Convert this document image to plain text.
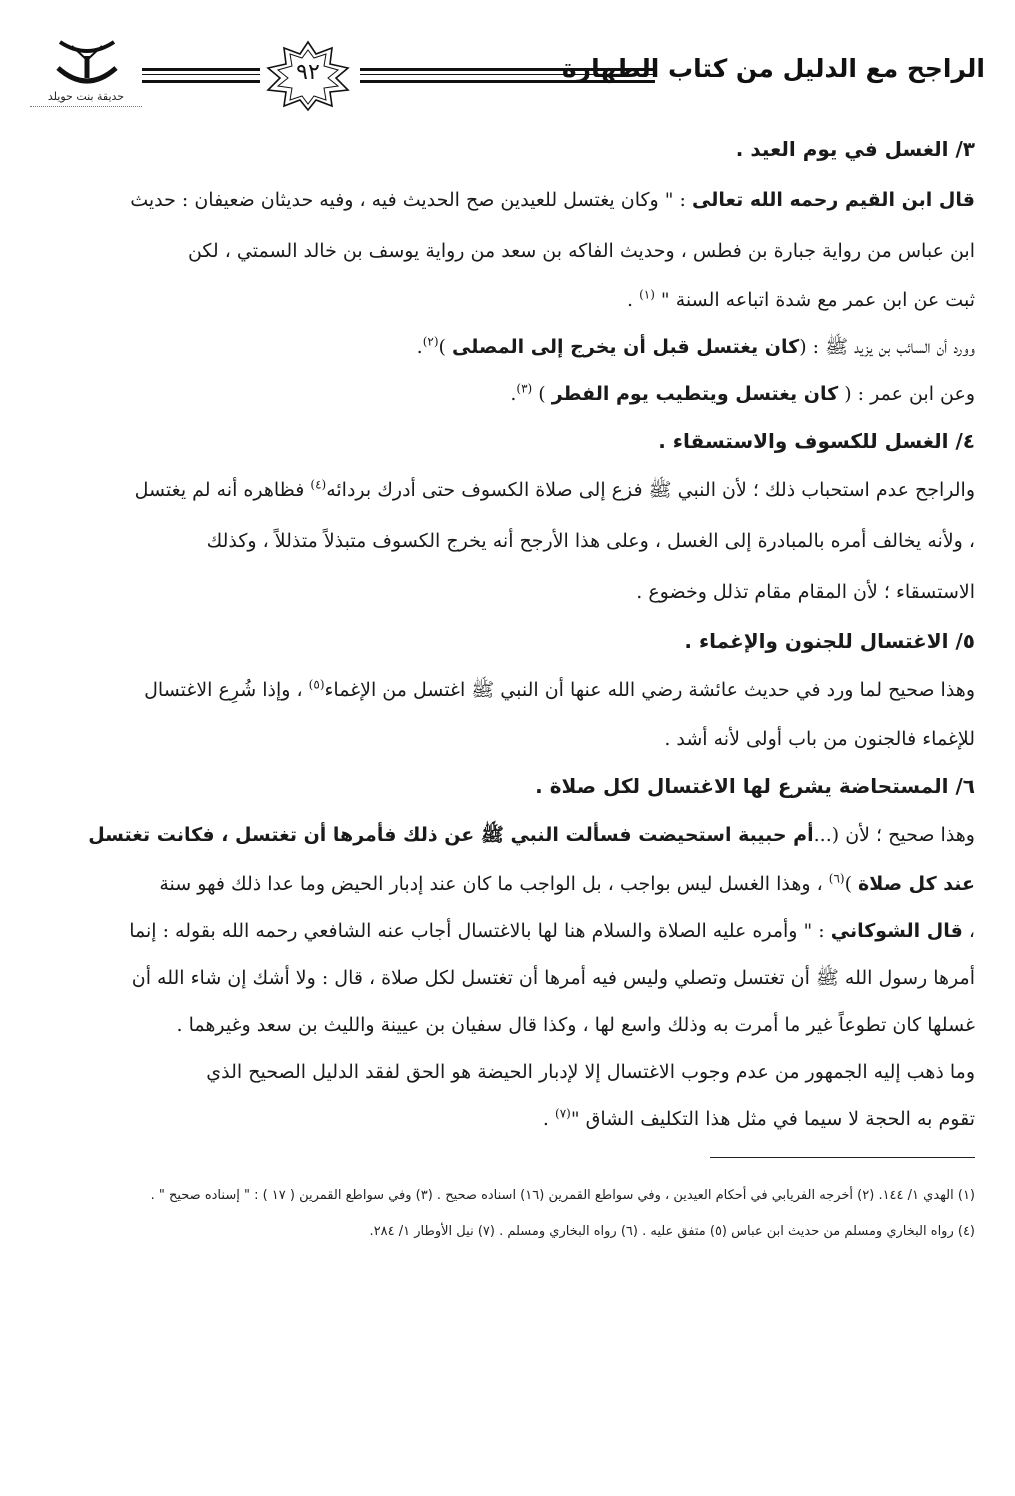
حديقة بنت حويلد
٩٢	الراجح مع الدليل من كتاب الطهارة
٣/ الغسل في يوم العيد .
قال ابن القيم رحمه الله تعالى : " وكان يغتسل للعيدين صح الحديث فيه ، وفيه حديثان ضعيفان : حديث
ابن عباس من رواية جبارة بن فطس ، وحديث الفاكه بن سعد من رواية يوسف بن خالد السمتي ، لكن
ثبت عن ابن عمر مع شدة اتباعه السنة " $^{(١)}$ .
وورد أن السائب بن يزيد ﷺ : (كان يغتسل قبل أن يخرج إلى المصلى )$^{(٢)}$.
وعن ابن عمر : ( كان يغتسل ويتطيب يوم الفطر ) $^{(٣)}$.
٤/ الغسل للكسوف والاستسقاء .
والراجح عدم استحباب ذلك ؛ لأن النبي ﷺ فزع إلى صلاة الكسوف حتى أدرك بردائه$^{(٤)}$ فظاهره أنه لم يغتسل
، ولأنه يخالف أمره بالمبادرة إلى الغسل ، وعلى هذا الأرجح أنه يخرج الكسوف متبذلاً متذللاً ، وكذلك
الاستسقاء ؛ لأن المقام مقام تذلل وخضوع .
٥/ الاغتسال للجنون والإغماء .
وهذا صحيح لما ورد في حديث عائشة رضي الله عنها أن النبي ﷺ اغتسل من الإغماء$^{(٥)}$ ، وإذا شُرِع الاغتسال
للإغماء فالجنون من باب أولى لأنه أشد .
٦/ المستحاضة يشرع لها الاغتسال لكل صلاة .
وهذا صحيح ؛ لأن (...أم حبيبة استحيضت فسألت النبي ﷺ عن ذلك فأمرها أن تغتسل ، فكانت تغتسل
عند كل صلاة )$^{(٦)}$ ، وهذا الغسل ليس بواجب ، بل الواجب ما كان عند إدبار الحيض وما عدا ذلك فهو سنة
، قال الشوكاني : " وأمره عليه الصلاة والسلام هنا لها بالاغتسال أجاب عنه الشافعي رحمه الله بقوله : إنما
أمرها رسول الله ﷺ أن تغتسل وتصلي وليس فيه أمرها أن تغتسل لكل صلاة ، قال : ولا أشك إن شاء الله أن
غسلها كان تطوعاً غير ما أمرت به وذلك واسع لها ، وكذا قال سفيان بن عيينة والليث بن سعد وغيرهما .
وما ذهب إليه الجمهور من عدم وجوب الاغتسال إلا لإدبار الحيضة هو الحق لفقد الدليل الصحيح الذي
تقوم به الحجة لا سيما في مثل هذا التكليف الشاق "$^{(٧)}$ .
(١) الهدي ١/ ١٤٤. (٢) أخرجه الفريابي في أحكام العيدين ، وفي سواطع القمرين (١٦) اسناده صحيح . (٣) وفي سواطع القمرين ( ١٧ ) : " إسناده صحيح " .
(٤) رواه البخاري ومسلم من حديث ابن عباس (٥) متفق عليه . (٦) رواه البخاري ومسلم . (٧) نيل الأوطار ١/ ٢٨٤.
